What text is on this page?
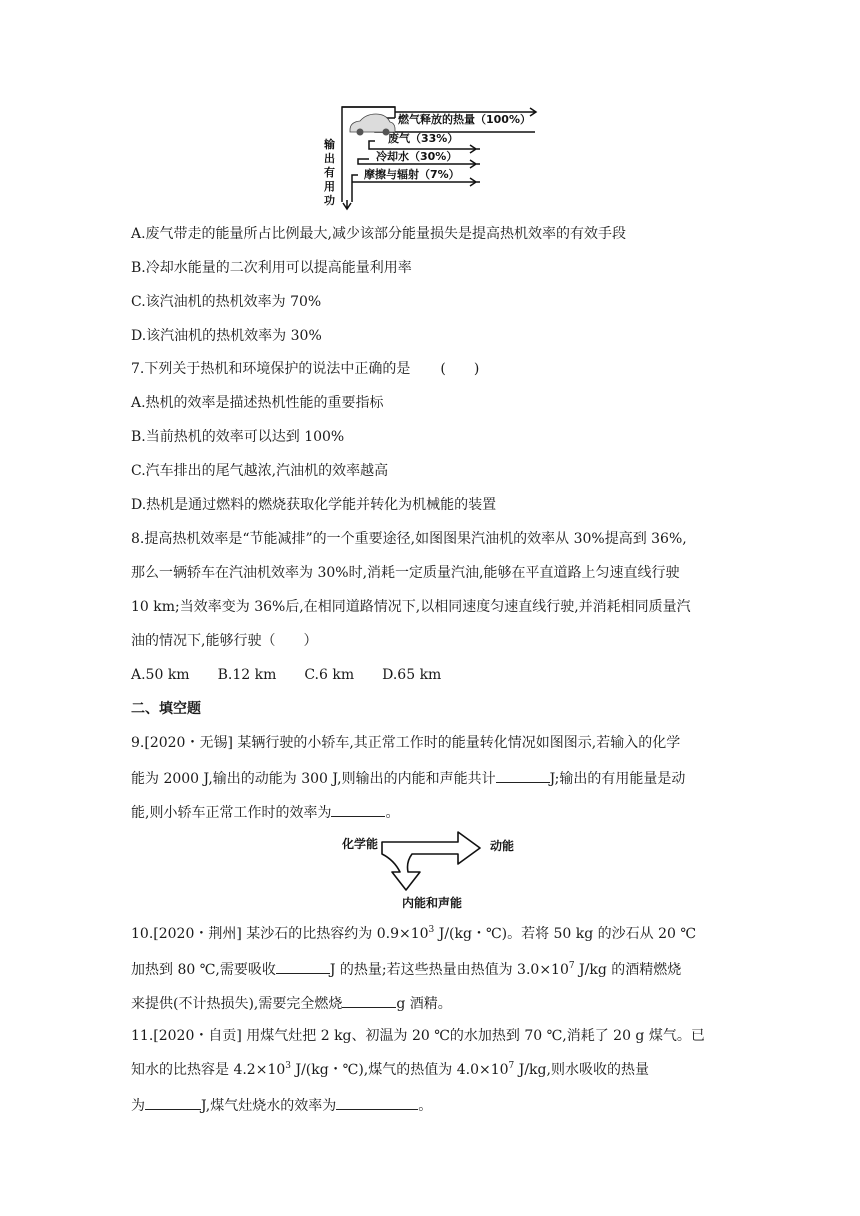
燃气释放的热量（100%）
废气（33%）
冷却水（30%）
摩擦与辐射（7%）
输
出
有
用
功
A.废气带走的能量所占比例最大,减少该部分能量损失是提高热机效率的有效手段
B.冷却水能量的二次利用可以提高能量利用率
C.该汽油机的热机效率为 70%
D.该汽油机的热机效率为 30%
7.下列关于热机和环境保护的说法中正确的是 (　　)
A.热机的效率是描述热机性能的重要指标
B.当前热机的效率可以达到 100%
C.汽车排出的尾气越浓,汽油机的效率越高
D.热机是通过燃料的燃烧获取化学能并转化为机械能的装置
8.提高热机效率是“节能减排”的一个重要途径,如图图果汽油机的效率从 30%提高到 36%,
那么一辆轿车在汽油机效率为 30%时,消耗一定质量汽油,能够在平直道路上匀速直线行驶
10 km;当效率变为 36%后,在相同道路情况下,以相同速度匀速直线行驶,并消耗相同质量汽
油的情况下,能够行驶（　　）
A.50 km　　B.12 km　　C.6 km　　D.65 km
二、填空题
9.[2020・无锡] 某辆行驶的小轿车,其正常工作时的能量转化情况如图图示,若输入的化学
能为 2000 J,输出的动能为 300 J,则输出的内能和声能共计	J;输出的有用能量是动
能,则小轿车正常工作时的效率为	。
化学能	动能
内能和声能
10.[2020・荆州] 某沙石的比热容约为 $0.9\times 10^3$ J/(kg・℃)。若将 50 kg 的沙石从 20 ℃
加热到 80 ℃,需要吸收	J 的热量;若这些热量由热值为 $3.0\times 10^7$ J/kg 的酒精燃烧
来提供(不计热损失),需要完全燃烧	g 酒精。
11.[2020・自贡] 用煤气灶把 2 kg、初温为 20 ℃的水加热到 70 ℃,消耗了 20 g 煤气。已
知水的比热容是 $4.2\times 10^3$ J/(kg・℃),煤气的热值为 $4.0\times 10^7$ J/kg,则水吸收的热量
为	J,煤气灶烧水的效率为	。
